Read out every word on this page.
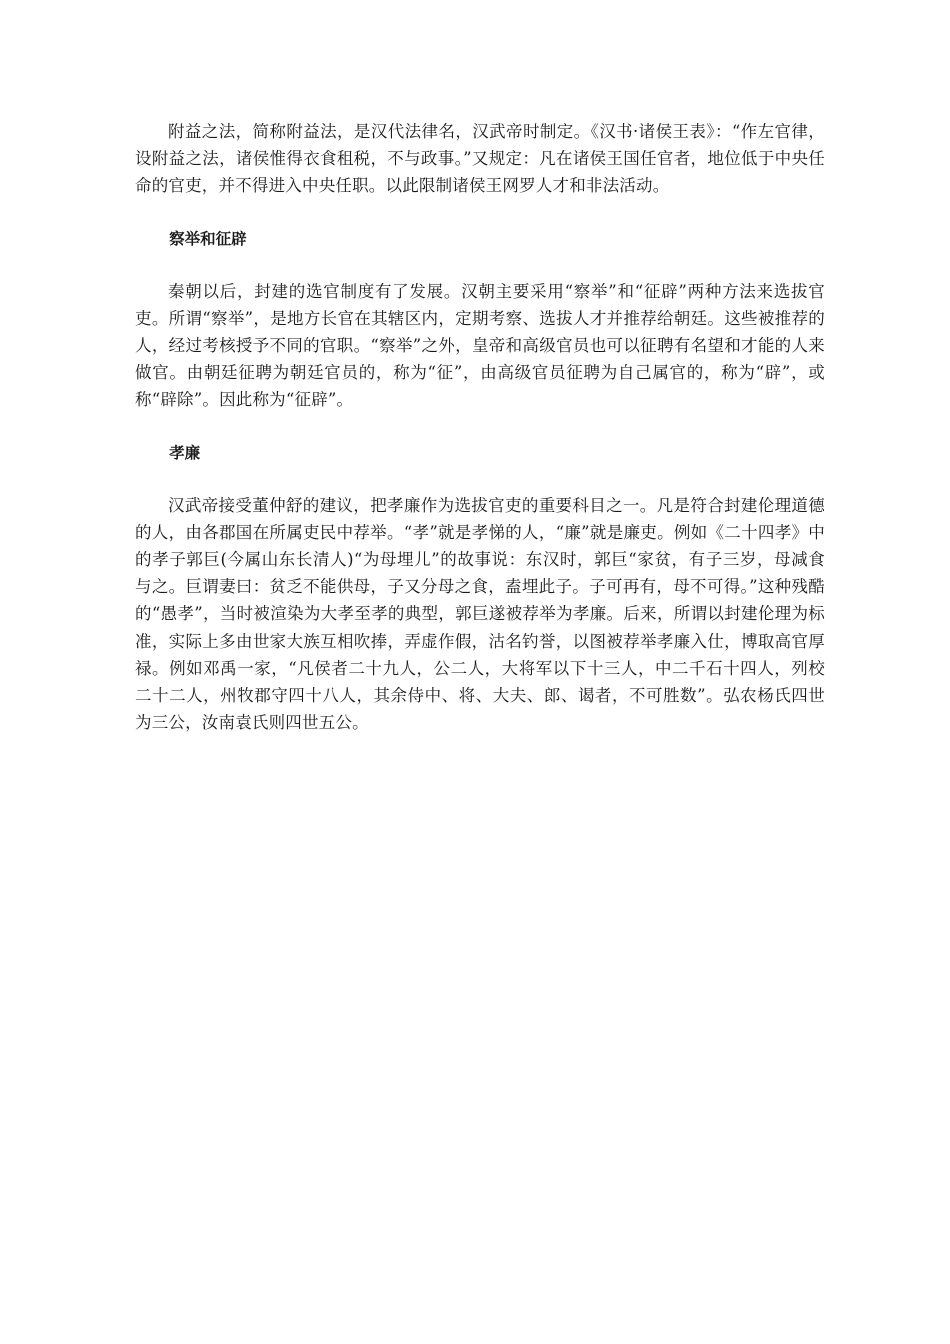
附益之法，简称附益法，是汉代法律名，汉武帝时制定。《汉书·诸侯王表》：“作左官律，设附益之法，诸侯惟得衣食租税，不与政事。”又规定：凡在诸侯王国任官者，地位低于中央任命的官吏，并不得进入中央任职。以此限制诸侯王网罗人才和非法活动。

察举和征辟

秦朝以后，封建的选官制度有了发展。汉朝主要采用“察举”和“征辟”两种方法来选拔官吏。所谓“察举”，是地方长官在其辖区内，定期考察、选拔人才并推荐给朝廷。这些被推荐的人，经过考核授予不同的官职。“察举”之外，皇帝和高级官员也可以征聘有名望和才能的人来做官。由朝廷征聘为朝廷官员的，称为“征”，由高级官员征聘为自己属官的，称为“辟”，或称“辟除”。因此称为“征辟”。

孝廉

汉武帝接受董仲舒的建议，把孝廉作为选拔官吏的重要科目之一。凡是符合封建伦理道德的人，由各郡国在所属吏民中荐举。“孝”就是孝悌的人，“廉”就是廉吏。例如《二十四孝》中的孝子郭巨(今属山东长清人)“为母埋儿”的故事说：东汉时，郭巨“家贫，有子三岁，母减食与之。巨谓妻曰：贫乏不能供母，子又分母之食，盍埋此子。子可再有，母不可得。”这种残酷的“愚孝”，当时被渲染为大孝至孝的典型，郭巨遂被荐举为孝廉。后来，所谓以封建伦理为标准，实际上多由世家大族互相吹捧，弄虚作假，沽名钓誉，以图被荐举孝廉入仕，博取高官厚禄。例如邓禹一家，“凡侯者二十九人，公二人，大将军以下十三人，中二千石十四人，列校二十二人，州牧郡守四十八人，其余侍中、将、大夫、郎、谒者，不可胜数”。弘农杨氏四世为三公，汝南袁氏则四世五公。
